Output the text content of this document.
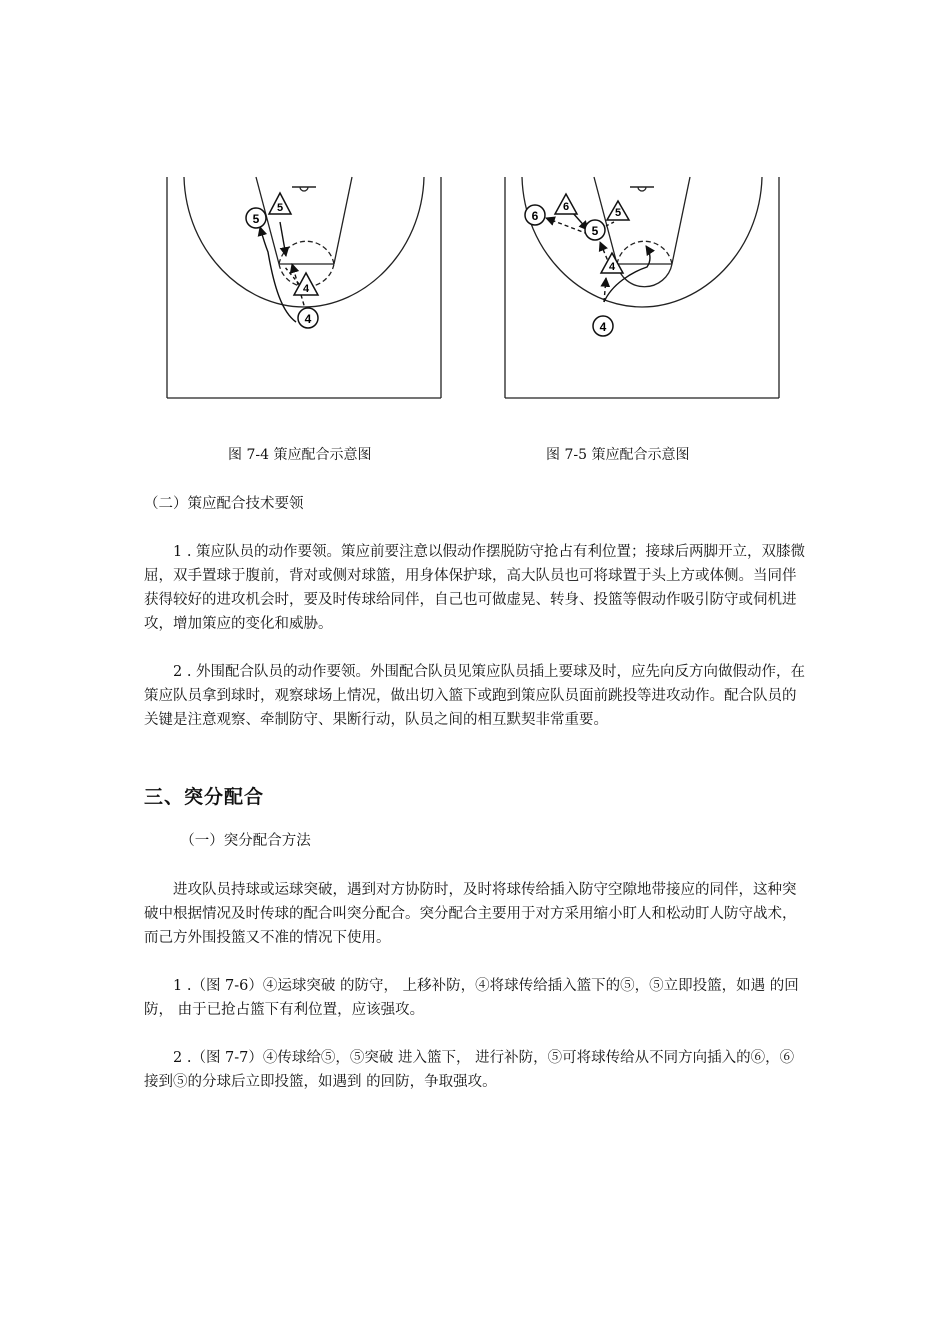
5
5
4
4
6
6
5
5
4
4
图 7-4 策应配合示意图	图 7-5 策应配合示意图
（二）策应配合技术要领
1 . 策应队员的动作要领。策应前要注意以假动作摆脱防守抢占有利位置；接球后两脚开立，双膝微屈，双手置球于腹前，背对或侧对球篮，用身体保护球，高大队员也可将球置于头上方或体侧。当同伴获得较好的进攻机会时，要及时传球给同伴，自己也可做虚晃、转身、投篮等假动作吸引防守或伺机进攻，增加策应的变化和威胁。
2 . 外围配合队员的动作要领。外围配合队员见策应队员插上要球及时，应先向反方向做假动作，在策应队员拿到球时，观察球场上情况，做出切入篮下或跑到策应队员面前跳投等进攻动作。配合队员的关键是注意观察、牵制防守、果断行动，队员之间的相互默契非常重要。
三、突分配合
（一）突分配合方法
进攻队员持球或运球突破，遇到对方协防时，及时将球传给插入防守空隙地带接应的同伴，这种突破中根据情况及时传球的配合叫突分配合。突分配合主要用于对方采用缩小盯人和松动盯人防守战术，而己方外围投篮又不准的情况下使用。
1 .（图 7-6）④运球突破 的防守， 上移补防，④将球传给插入篮下的⑤，⑤立即投篮，如遇 的回防， 由于已抢占篮下有利位置，应该强攻。
2 .（图 7-7）④传球给⑤，⑤突破 进入篮下， 进行补防，⑤可将球传给从不同方向插入的⑥，⑥接到⑤的分球后立即投篮，如遇到 的回防，争取强攻。
